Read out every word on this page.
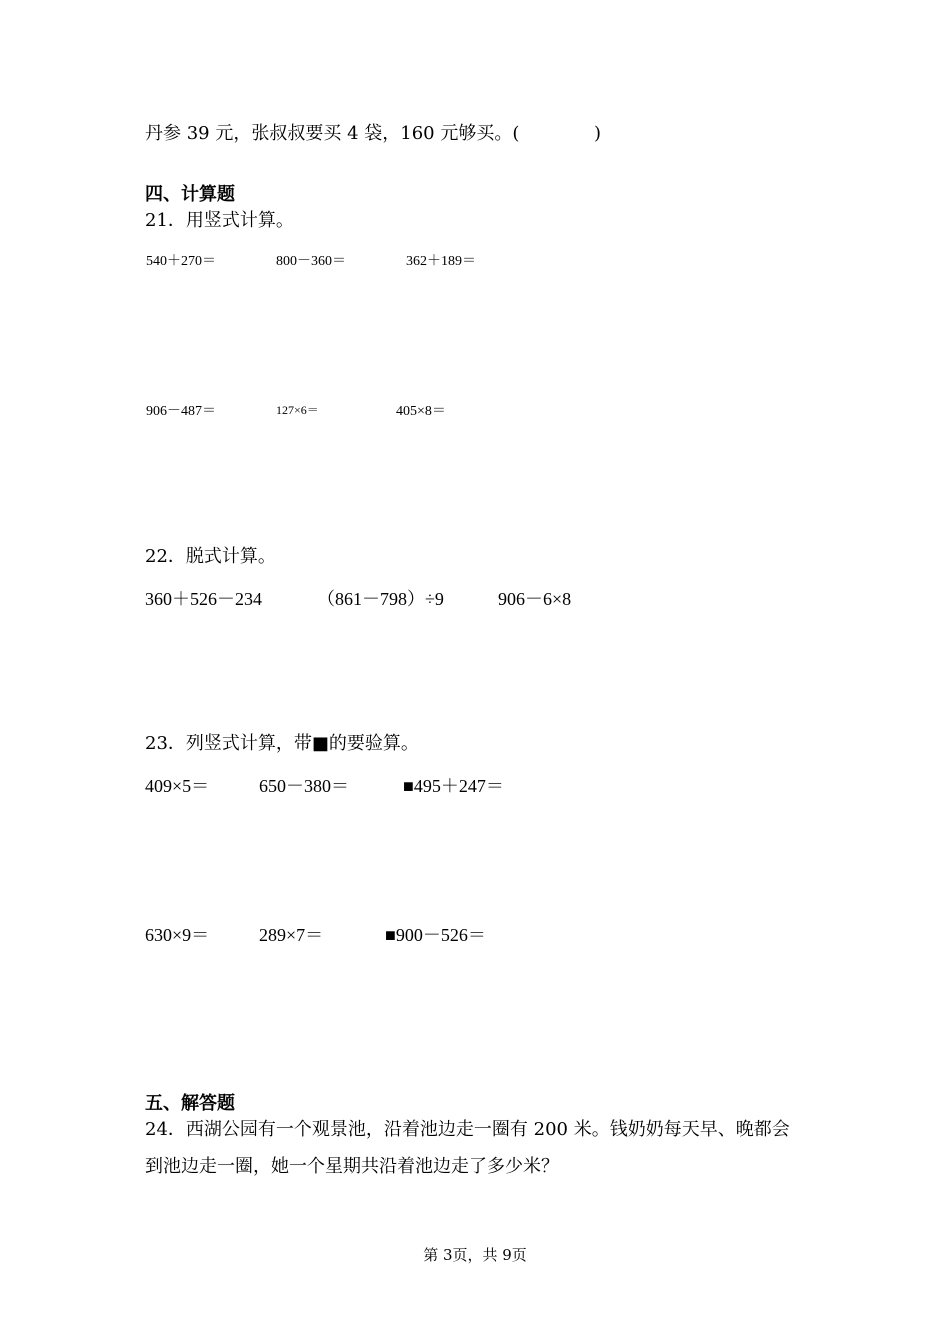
丹参 39 元，张叔叔要买 4 袋，160 元够买。(	)
四、计算题
21．用竖式计算。
540＋270＝	800－360＝	362＋189＝
906－487＝	127×6＝	405×8＝
22．脱式计算。
360＋526－234	（861－798）÷9	906－6×8
23．列竖式计算，带■的要验算。
409×5＝	650－380＝	■495＋247＝
630×9＝	289×7＝	■900－526＝
五、解答题
24．西湖公园有一个观景池，沿着池边走一圈有 200 米。钱奶奶每天早、晚都会
到池边走一圈，她一个星期共沿着池边走了多少米？
第 3页，共 9页
